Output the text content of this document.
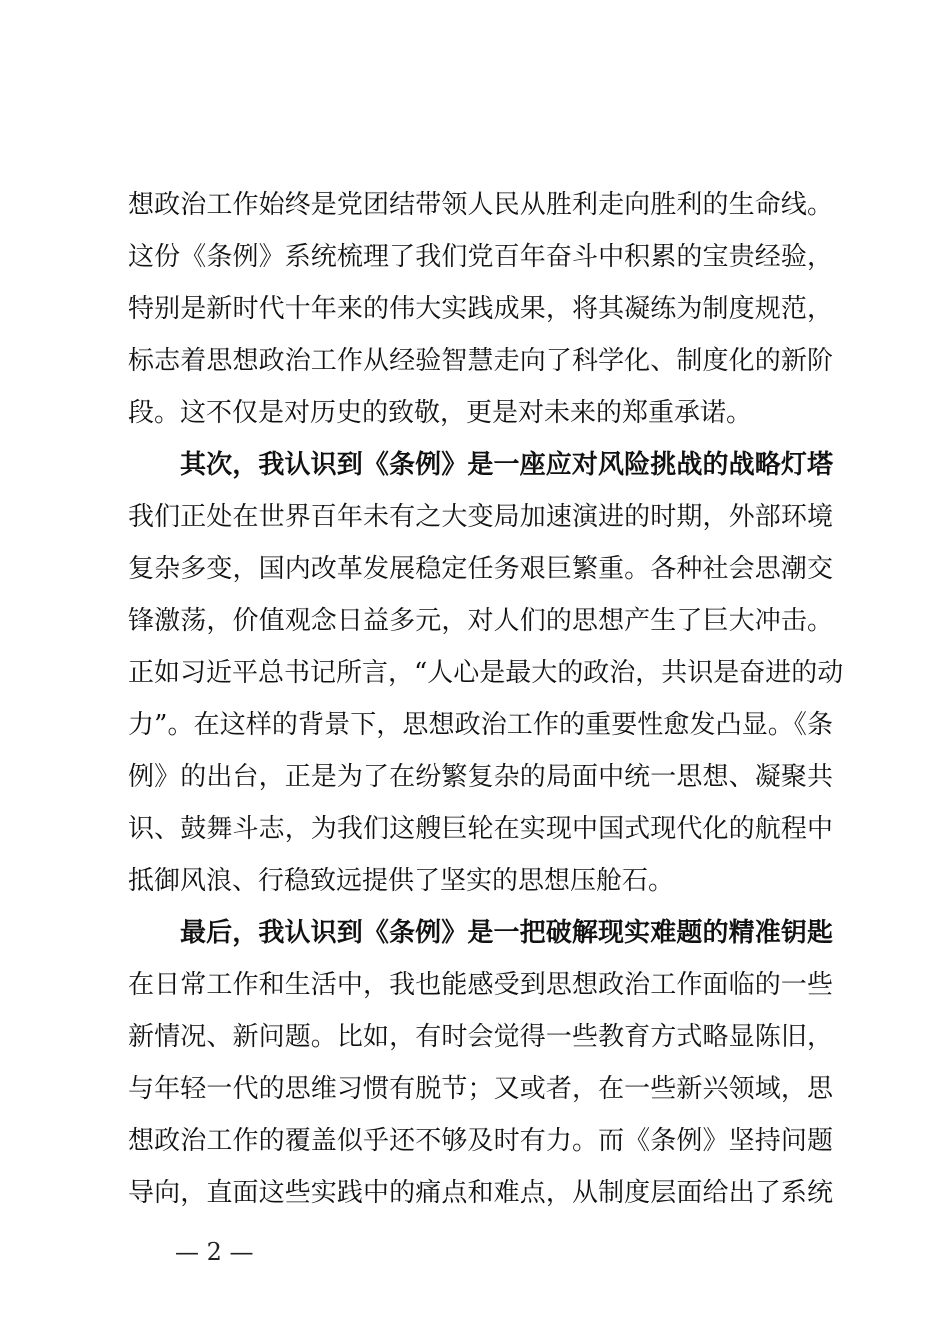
想政治工作始终是党团结带领人民从胜利走向胜利的生命线。
这份《条例》系统梳理了我们党百年奋斗中积累的宝贵经验，
特别是新时代十年来的伟大实践成果，将其凝练为制度规范，
标志着思想政治工作从经验智慧走向了科学化、制度化的新阶
段。这不仅是对历史的致敬，更是对未来的郑重承诺。
其次，我认识到《条例》是一座应对风险挑战的战略灯塔
我们正处在世界百年未有之大变局加速演进的时期，外部环境
复杂多变，国内改革发展稳定任务艰巨繁重。各种社会思潮交
锋激荡，价值观念日益多元，对人们的思想产生了巨大冲击。
正如习近平总书记所言，“人心是最大的政治，共识是奋进的动
力”。在这样的背景下，思想政治工作的重要性愈发凸显。《条
例》的出台，正是为了在纷繁复杂的局面中统一思想、凝聚共
识、鼓舞斗志，为我们这艘巨轮在实现中国式现代化的航程中
抵御风浪、行稳致远提供了坚实的思想压舱石。
最后，我认识到《条例》是一把破解现实难题的精准钥匙
在日常工作和生活中，我也能感受到思想政治工作面临的一些
新情况、新问题。比如，有时会觉得一些教育方式略显陈旧，
与年轻一代的思维习惯有脱节；又或者，在一些新兴领域，思
想政治工作的覆盖似乎还不够及时有力。而《条例》坚持问题
导向，直面这些实践中的痛点和难点，从制度层面给出了系统
— 2 —
